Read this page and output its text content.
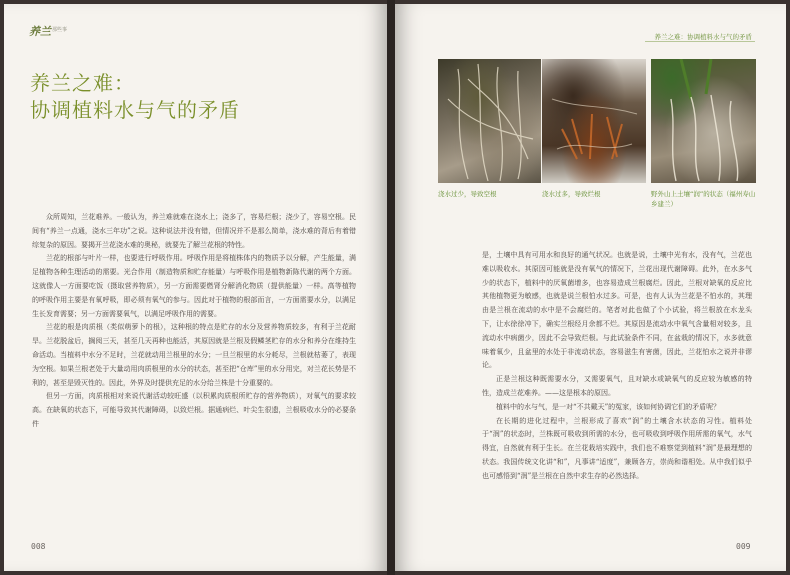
养兰 那些事
养兰之难：
协调植料水与气的矛盾

众所周知，兰花难养。一般认为，养兰难就难在浇水上；浇多了，容易烂根；浇少了，容易空根。民间有“养兰一点通，浇水三年功”之说。这种说法并没有错，但情况并不是那么简单，浇水难的背后有着错综复杂的原因。要揭开兰花浇水难的奥秘，就要先了解兰花根的特性。

兰花的根部与叶片一样，也要进行呼吸作用。呼吸作用是将植株体内的物质予以分解，产生能量，满足植物各种生理活动的需要。光合作用（制造物质和贮存能量）与呼吸作用是植物新陈代谢的两个方面。这就像人一方面要吃饭（摄取营养物质），另一方面需要燃肾分解消化物质（提供能量）一样。高等植物的呼吸作用主要是有氧呼吸，即必须有氧气的参与。因此对于植物的根部而言，一方面需要水分，以满足生长发育需要；另一方面需要氧气，以满足呼吸作用的需要。

兰花的根是肉质根（类似萌萝卜的根），这种根的特点是贮存的水分及营养物质较多，有利于兰花耐旱。兰花脱盆后，搁阅三天，甚至几天再种也能活，其原因就是兰根及假鳞茎贮存的水分和养分在维持生命活动。当植料中水分不足时，兰花就动用兰根里的水分；一旦兰根里的水分耗尽，兰根就枯萎了，表现为空根。如果兰根老处于大量动用肉质根里的水分的状态，甚至把“仓库”里的水分用完，对兰花长势是不利的，甚至是毁灭性的。因此，外界及时提供充足的水分给兰株是十分重要的。

但另一方面，肉质根相对来说代谢活动较旺盛（以积累肉质根所贮存的营养物质），对氧气的要求较高。在缺氧的状态下，可能导致其代谢障碍，以致烂根。据通病烂、叶尖生很遗，兰根吸收水分的必要条件

008
养兰之难：协调植料水与气的矛盾
浇水过少，导致空根	浇水过多，导致烂根	野外山上土壤“润”的状态（福州寿山乡建兰）

是，土壤中具有可用水和良好的通气状况。也就是说，土壤中光有水，没有气，兰花也难以吸收水。其原因可能就是没有氧气的情况下，兰花出现代谢障碍。此外，在水多气少的状态下，植料中的厌氧菌增多，也容易造成兰根腐烂。因此，兰根对缺氧的反应比其他植物更为敏感，也就是说兰根怕水过多。可是，也有人认为兰花是不怕水的，其理由是兰根在流动的水中是不会腐烂的。笔者对此也做了个小试验，将兰根放在水龙头下，让水徐徐冲下，确实兰根经月余都不烂。其原因是流动水中氧气含量相对较多，且流动水中病菌少，因此不会导致烂根。与此试验条件不同，在盆栽的情况下，水多就意味着氧少，且盆里的水处于非流动状态，容易滋生有害菌，因此，兰花怕水之说并非谬论。

正是兰根这种既需要水分，又需要氧气，且对缺水或缺氧气的反应较为敏感的特性，造成兰花难养。——这是根本的原因。

植料中的水与气，是一对“不共戴天”的冤家，该如何协调它们的矛盾呢？

在长期的进化过程中，兰根形成了喜欢“润”的土壤含水状态的习性。植料处于“润”的状态时，兰株既可吸收到所需的水分，也可吸收到呼吸作用所需的氧气，水气得宜，自然就有利于生长。在兰花栽培实践中，我们也不难察觉到植料“润”是最理想的状态。我国传统文化讲“和”，凡事讲“适度”，兼顾各方，崇尚和谐相处。从中我们似乎也可感悟到“润”是兰根在自然中求生存的必然选择。

009
